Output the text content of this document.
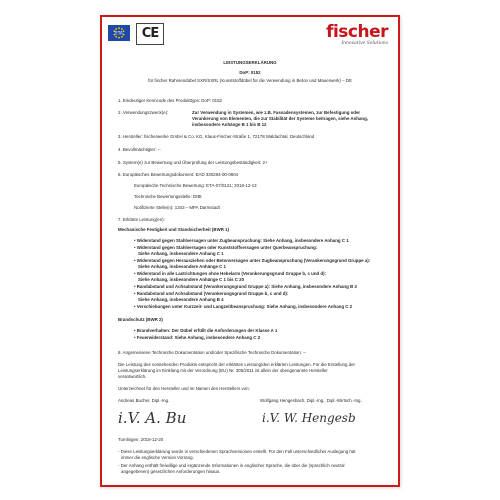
ETA	CE	fischer
Innovative Solutions
LEISTUNGSERKLÄRUNG
DoP: 0152
für fischer Rahmendübel SXR/SXRL (Kunststoffdübel für die Verwendung in Beton und Mauerwerk) – DE
1. Eindeutiger Kenncode des Produkttyps: DoP: 0152
2. Verwendungszweck(e):	Zur Verwendung in Systemen, wie z.B. Fassadensystemen, zur Befestigung oder
Verankerung von Elementen, die zur Stabilität der Systeme beitragen, siehe Anhang,
insbesondere Anhänge B 1 bis B 12
3. Hersteller: fischerwerke GmbH & Co. KG, Klaus-Fischer-Straße 1, 72178 Waldachtal, Deutschland
4. Bevollmächtigter: --
5. System(e) zur Bewertung und Überprüfung der Leistungsbeständigkeit: 2+
6. Europäisches Bewertungsdokument: EAD 330284-00-0604
Europäische Technische Bewertung: ETA-07/0121; 2018-12-13
Technische Bewertungsstelle: DIBt
Notifizierte Stelle(n): 1343 – MPA Darmstadt
7. Erklärte Leistung(en):
Mechanische Festigkeit und Standsicherheit (BWR 1)
• Widerstand gegen Stahlversagen unter Zugbeanspruchung: Siehe Anhang, insbesondere Anhang C 1
• Widerstand gegen Stahlversagen oder Kunststoffversagen unter Querbeanspruchung:
Siehe Anhang, insbesondere Anhang C 1
• Widerstand gegen Herausziehen oder Betonversagen unter Zugbeanspruchung (Verankerungsgrund Gruppe a):
Siehe Anhang, insbesondere Anhänge C 1
• Widerstand in alle Lastrichtungen ohne Hebelarm (Verankerungsgrund Gruppe b, c und d):
Siehe Anhang, insbesondere Anhänge C 1 bis C 20
• Randabstand und Achsabstand (Verankerungsgrund Gruppe a): Siehe Anhang, insbesondere Anhang B 3
• Randabstand und Achsabstand (Verankerungsgrund Gruppe b, c und d):
Siehe Anhang, insbesondere Anhang B 4
• Verschiebungen unter Kurzzeit- und Langzeitbeanspruchung: Siehe Anhang, insbesondere Anhang C 2
Brandschutz (BWR 2)
• Brandverhalten: Der Dübel erfüllt die Anforderungen der Klasse A 1
• Feuerwiderstand: Siehe Anhang, insbesondere Anhang C 2
8. Angemessene Technische Dokumentation und/oder Spezifische Technische Dokumentation: --
Die Leistung des vorstehenden Produkts entspricht der erklärten Leistung/den erklärten Leistungen. Für die Erstellung der
Leistungserklärung im Einklang mit der Verordnung (EU) Nr. 305/2011 ist allein der obengenannte Hersteller
verantwortlich.
Unterzeichnet für den Hersteller und im Namen des Herstellers von:
Andreas Bucher, Dipl.-Ing.	Wolfgang Hengesbach, Dipl.-Ing., Dipl.-Wirtsch.-Ing.
i.V. A. Bu	i.V. W. Hengesb
Tumlingen, 2018-12-20
- Diese Leistungserklärung wurde in verschiedenen Sprachversionen erstellt. Für den Fall unterschiedlicher Auslegung hat
immer die englische Version Vorrang.
- Der Anhang enthält freiwillige und ergänzende Informationen in englischer Sprache, die über die (sprachlich neutral
angegebenen) gesetzlichen Anforderungen hinaus.
